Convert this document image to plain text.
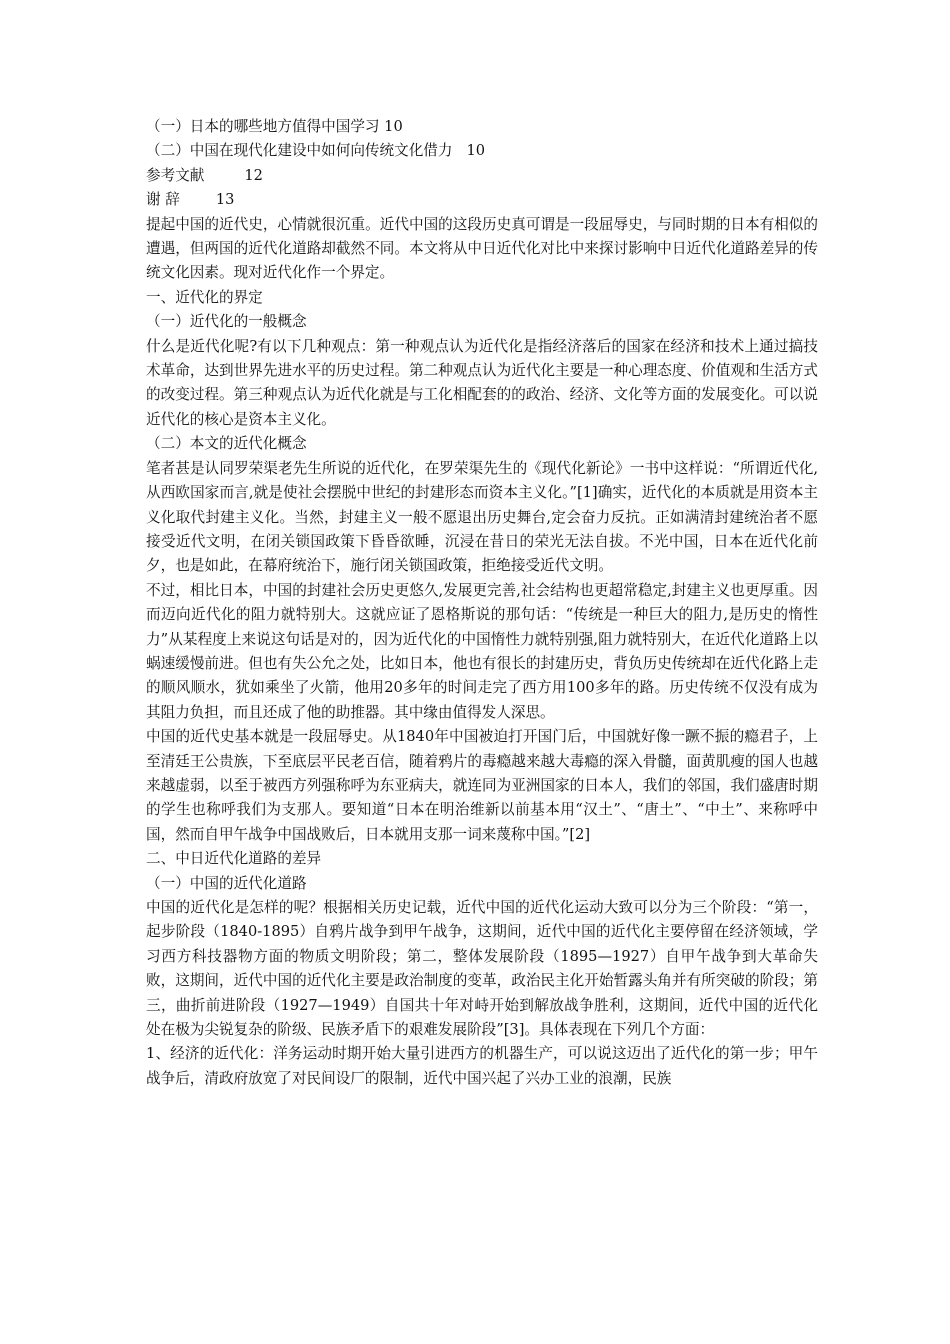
（一）日本的哪些地方值得中国学习 10
（二）中国在现代化建设中如何向传统文化借力 10
参考文献	12
谢 辞 13

提起中国的近代史，心情就很沉重。近代中国的这段历史真可谓是一段屈辱史，与同时期的日本有相似的遭遇，但两国的近代化道路却截然不同。本文将从中日近代化对比中来探讨影响中日近代化道路差异的传统文化因素。现对近代化作一个界定。

一、近代化的界定
（一）近代化的一般概念

什么是近代化呢?有以下几种观点：第一种观点认为近代化是指经济落后的国家在经济和技术上通过搞技术革命，达到世界先进水平的历史过程。第二种观点认为近代化主要是一种心理态度、价值观和生活方式的改变过程。第三种观点认为近代化就是与工化相配套的的政治、经济、文化等方面的发展变化。可以说近代化的核心是资本主义化。

（二）本文的近代化概念

笔者甚是认同罗荣渠老先生所说的近代化，在罗荣渠先生的《现代化新论》一书中这样说：“所谓近代化,从西欧国家而言,就是使社会摆脱中世纪的封建形态而资本主义化。”[1]确实，近代化的本质就是用资本主义化取代封建主义化。当然，封建主义一般不愿退出历史舞台,定会奋力反抗。正如满清封建统治者不愿接受近代文明，在闭关锁国政策下昏昏欲睡，沉浸在昔日的荣光无法自拔。不光中国，日本在近代化前夕，也是如此，在幕府统治下，施行闭关锁国政策，拒绝接受近代文明。

不过，相比日本，中国的封建社会历史更悠久,发展更完善,社会结构也更超常稳定,封建主义也更厚重。因而迈向近代化的阻力就特别大。这就应证了恩格斯说的那句话：“传统是一种巨大的阻力,是历史的惰性力”从某程度上来说这句话是对的，因为近代化的中国惰性力就特别强,阻力就特别大，在近代化道路上以蜗速缓慢前进。但也有失公允之处，比如日本，他也有很长的封建历史，背负历史传统却在近代化路上走的顺风顺水，犹如乘坐了火箭，他用20多年的时间走完了西方用100多年的路。历史传统不仅没有成为其阻力负担，而且还成了他的助推器。其中缘由值得发人深思。

中国的近代史基本就是一段屈辱史。从1840年中国被迫打开国门后，中国就好像一蹶不振的瘾君子，上至清廷王公贵族，下至底层平民老百信，随着鸦片的毒瘾越来越大毒瘾的深入骨髓，面黄肌瘦的国人也越来越虚弱，以至于被西方列强称呼为东亚病夫，就连同为亚洲国家的日本人，我们的邻国，我们盛唐时期的学生也称呼我们为支那人。要知道“日本在明治维新以前基本用“汉土”、“唐土”、“中土”、来称呼中国，然而自甲午战争中国战败后，日本就用支那一词来蔑称中国。”[2]

二、中日近代化道路的差异
（一）中国的近代化道路

中国的近代化是怎样的呢？根据相关历史记载，近代中国的近代化运动大致可以分为三个阶段：“第一，起步阶段（1840-1895）自鸦片战争到甲午战争，这期间，近代中国的近代化主要停留在经济领域，学习西方科技器物方面的物质文明阶段；第二，整体发展阶段（1895—1927）自甲午战争到大革命失败，这期间，近代中国的近代化主要是政治制度的变革，政治民主化开始暂露头角并有所突破的阶段；第三，曲折前进阶段（1927—1949）自国共十年对峙开始到解放战争胜利，这期间，近代中国的近代化处在极为尖锐复杂的阶级、民族矛盾下的艰难发展阶段”[3]。具体表现在下列几个方面：

1、经济的近代化：洋务运动时期开始大量引进西方的机器生产，可以说这迈出了近代化的第一步；甲午战争后，清政府放宽了对民间设厂的限制，近代中国兴起了兴办工业的浪潮，民族
